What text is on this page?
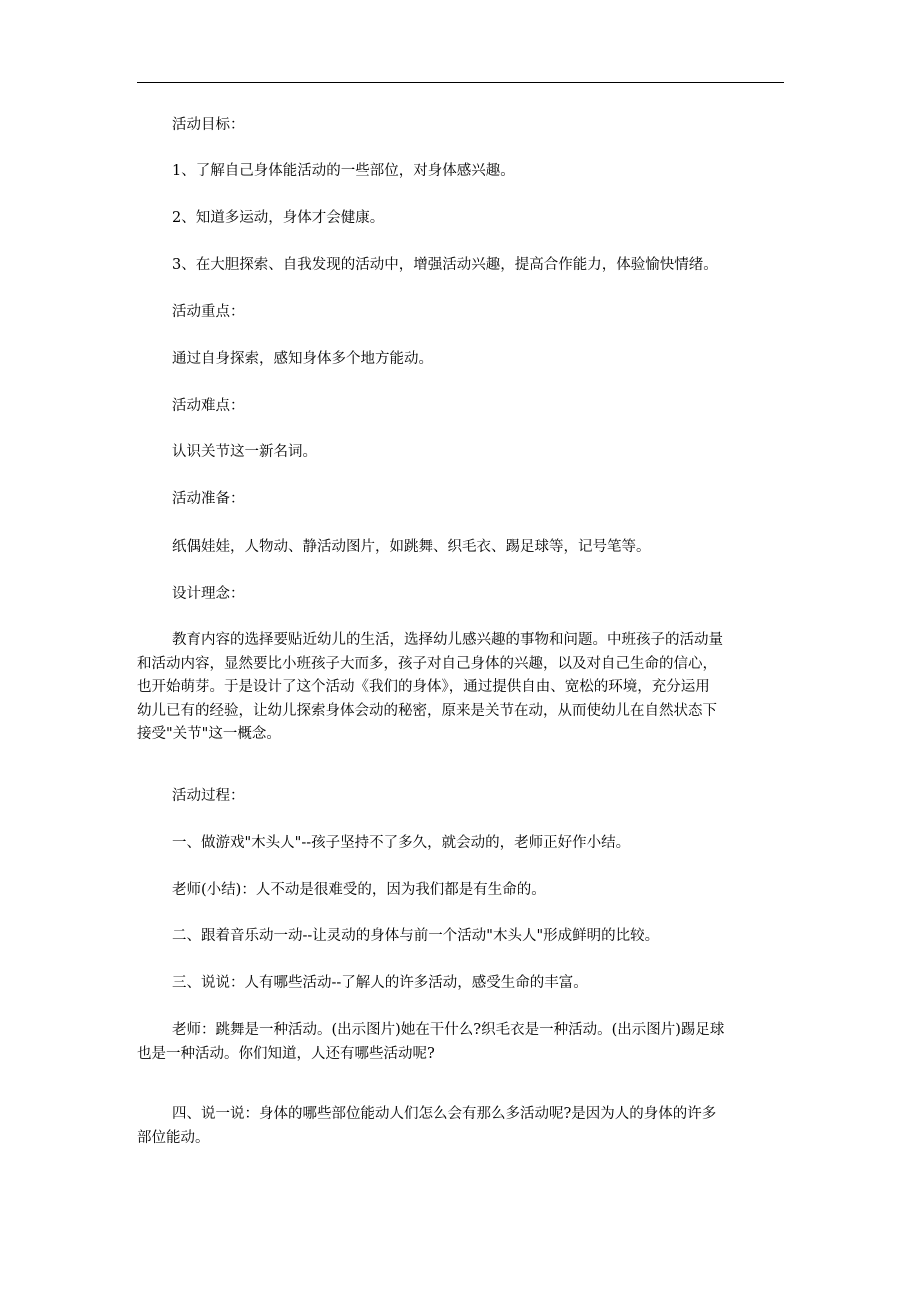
活动目标：

1、了解自己身体能活动的一些部位，对身体感兴趣。

2、知道多运动，身体才会健康。

3、在大胆探索、自我发现的活动中，增强活动兴趣，提高合作能力，体验愉快情绪。

活动重点：

通过自身探索，感知身体多个地方能动。

活动难点：

认识关节这一新名词。

活动准备：

纸偶娃娃，人物动、静活动图片，如跳舞、织毛衣、踢足球等，记号笔等。

设计理念：

教育内容的选择要贴近幼儿的生活，选择幼儿感兴趣的事物和问题。中班孩子的活动量
和活动内容，显然要比小班孩子大而多，孩子对自己身体的兴趣，以及对自己生命的信心，
也开始萌芽。于是设计了这个活动《我们的身体》，通过提供自由、宽松的环境，充分运用
幼儿已有的经验，让幼儿探索身体会动的秘密，原来是关节在动，从而使幼儿在自然状态下
接受"关节"这一概念。

活动过程：

一、做游戏"木头人"--孩子坚持不了多久，就会动的，老师正好作小结。

老师(小结)：人不动是很难受的，因为我们都是有生命的。

二、跟着音乐动一动--让灵动的身体与前一个活动"木头人"形成鲜明的比较。

三、说说：人有哪些活动--了解人的许多活动，感受生命的丰富。

老师：跳舞是一种活动。(出示图片)她在干什么?织毛衣是一种活动。(出示图片)踢足球
也是一种活动。你们知道，人还有哪些活动呢?
四、说一说：身体的哪些部位能动人们怎么会有那么多活动呢?是因为人的身体的许多
部位能动。
